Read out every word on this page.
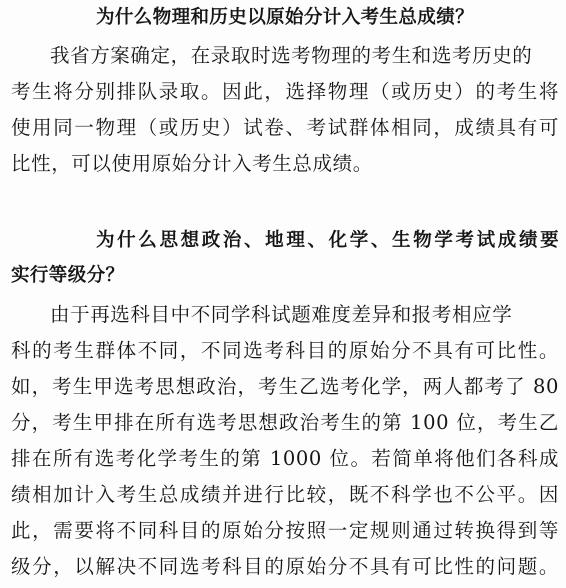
为什么物理和历史以原始分计入考生总成绩？
我省方案确定，在录取时选考物理的考生和选考历史的
考生将分别排队录取。因此，选择物理（或历史）的考生将
使用同一物理（或历史）试卷、考试群体相同，成绩具有可
比性，可以使用原始分计入考生总成绩。
为什么思想政治、地理、化学、生物学考试成绩要
实行等级分？
由于再选科目中不同学科试题难度差异和报考相应学
科的考生群体不同，不同选考科目的原始分不具有可比性。
如，考生甲选考思想政治，考生乙选考化学，两人都考了 80
分，考生甲排在所有选考思想政治考生的第 100 位，考生乙
排在所有选考化学考生的第 1000 位。若简单将他们各科成
绩相加计入考生总成绩并进行比较，既不科学也不公平。因
此，需要将不同科目的原始分按照一定规则通过转换得到等
级分，以解决不同选考科目的原始分不具有可比性的问题。
